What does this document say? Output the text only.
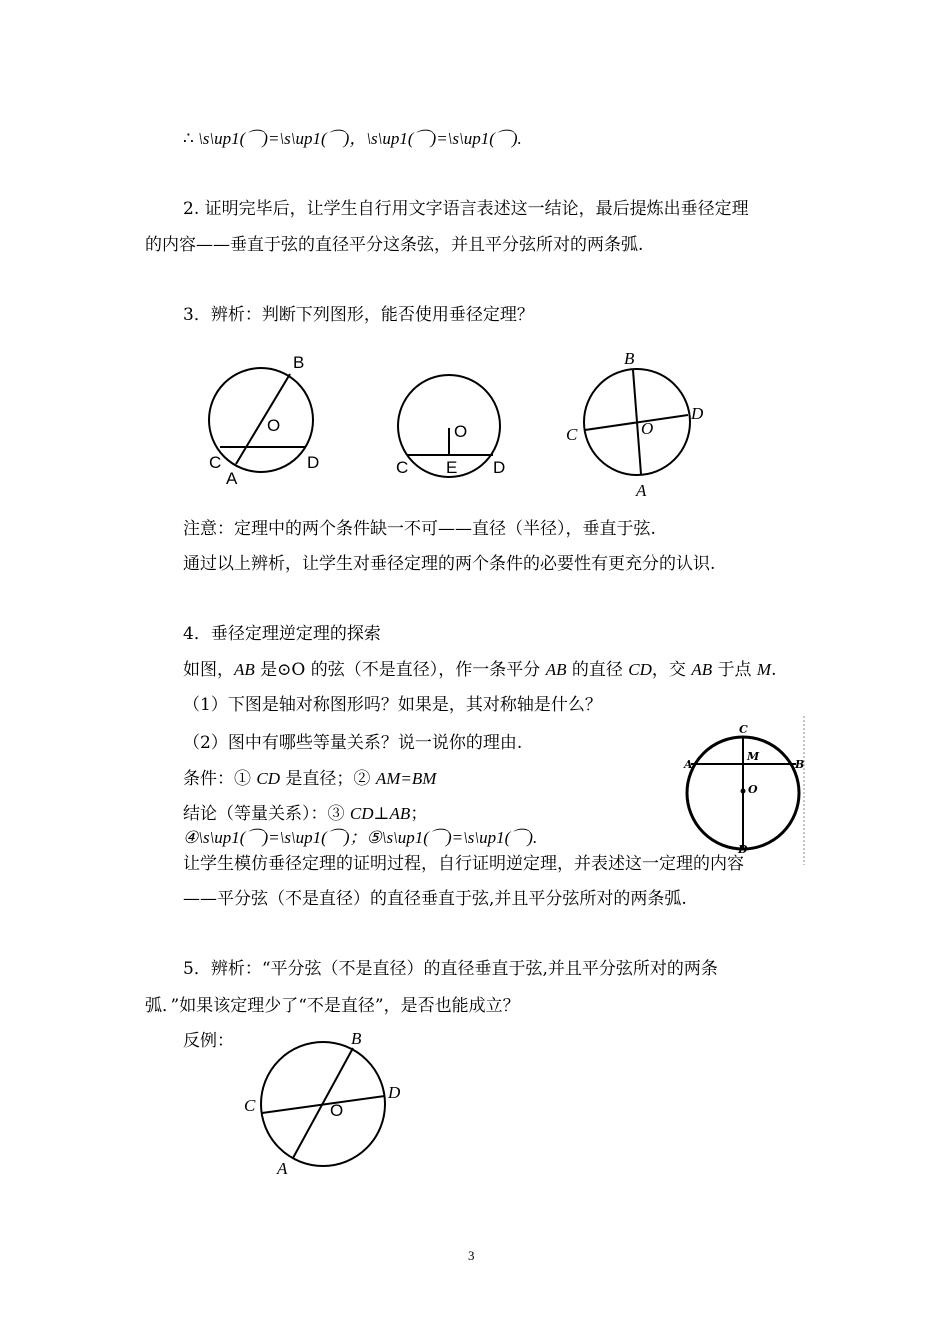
∴ \s\up1(⌒)=\s\up1(⌒)，\s\up1(⌒)=\s\up1(⌒).
2. 证明完毕后，让学生自行用文字语言表述这一结论，最后提炼出垂径定理
的内容——垂直于弦的直径平分这条弦，并且平分弦所对的两条弧.
3．辨析：判断下列图形，能否使用垂径定理？
注意：定理中的两个条件缺一不可——直径（半径），垂直于弦.
通过以上辨析，让学生对垂径定理的两个条件的必要性有更充分的认识.
4．垂径定理逆定理的探索
如图，AB 是⊙O 的弦（不是直径），作一条平分 AB 的直径 CD，交 AB 于点 M.
（1）下图是轴对称图形吗？如果是，其对称轴是什么？
（2）图中有哪些等量关系？说一说你的理由.
条件：① CD 是直径；② AM=BM
结论（等量关系）：③ CD⊥AB；
④\s\up1(⌒)=\s\up1(⌒)；⑤\s\up1(⌒)=\s\up1(⌒).
让学生模仿垂径定理的证明过程，自行证明逆定理，并表述这一定理的内容
——平分弦（不是直径）的直径垂直于弦,并且平分弦所对的两条弧.
5．辨析：“平分弦（不是直径）的直径垂直于弦,并且平分弦所对的两条
弧．”如果该定理少了“不是直径”，是否也能成立？
反例：
B
O
C
A
D
O
C E D
B
C	O
D
A
C
M
A	B
O
D
B
C	O
D
A
3
